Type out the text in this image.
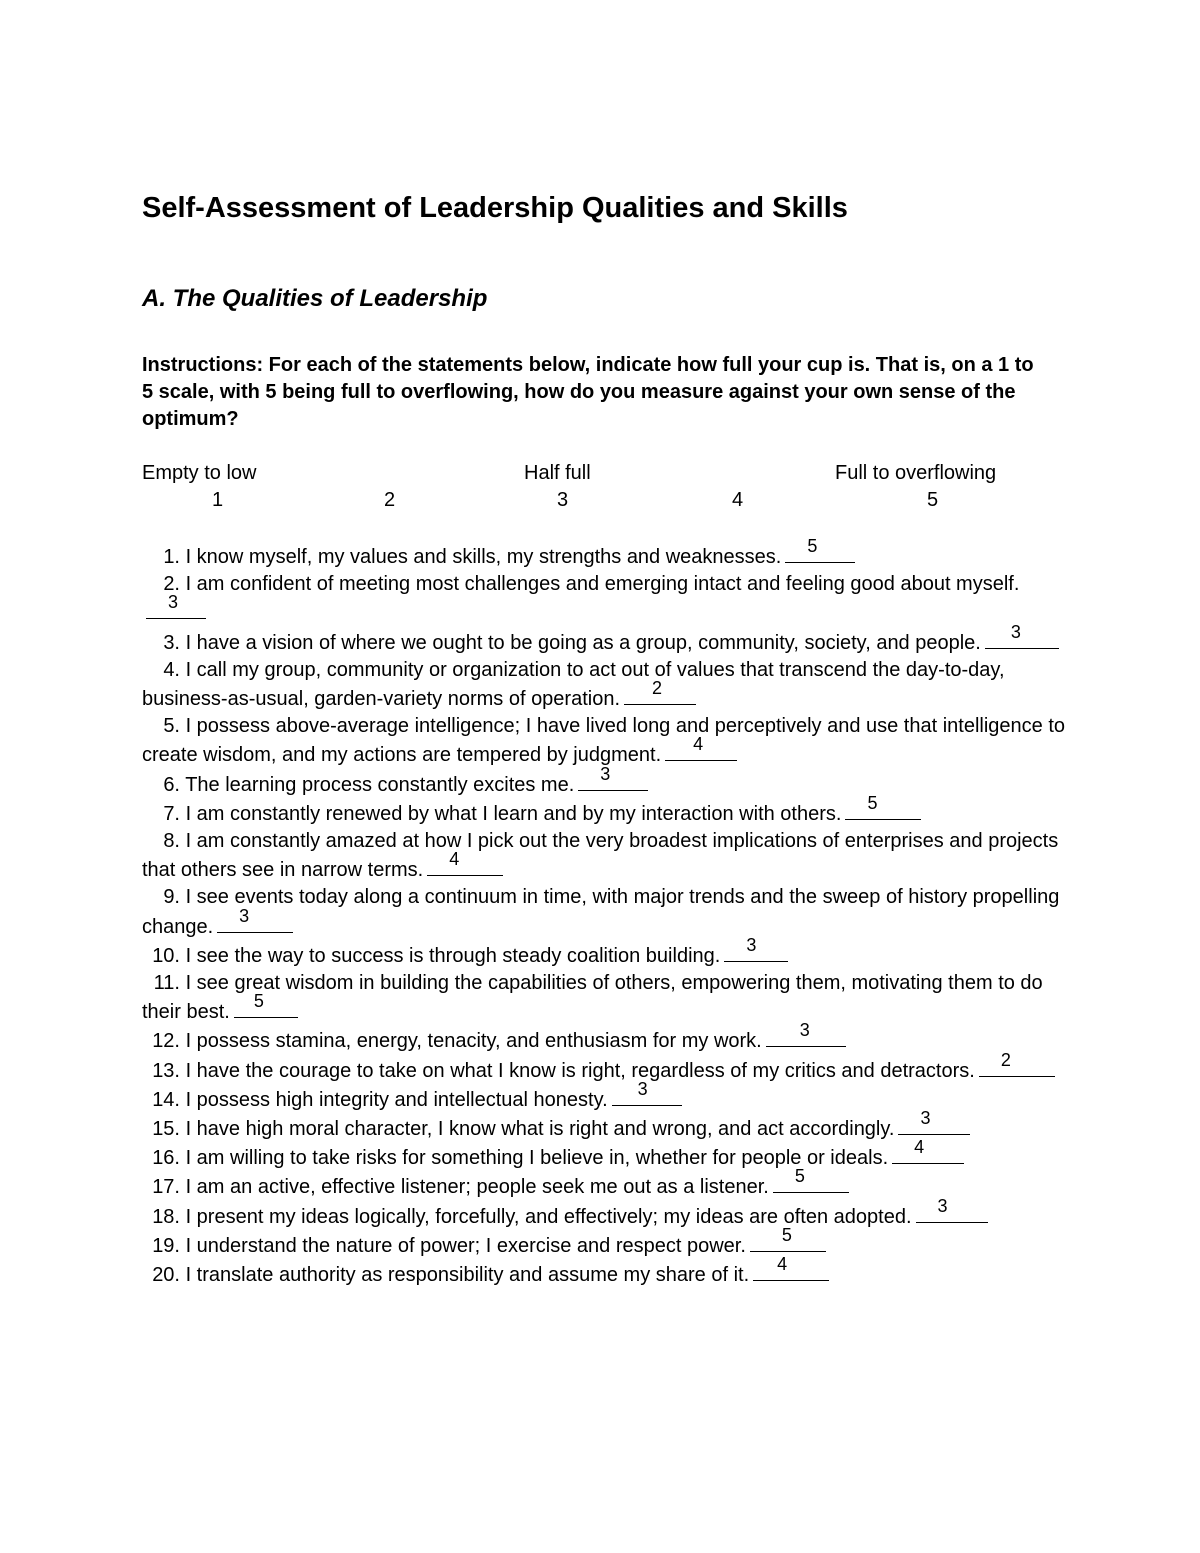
Self-Assessment of Leadership Qualities and Skills
A. The Qualities of Leadership

Instructions: For each of the statements below, indicate how full your cup is. That is, on a 1 to 5 scale, with 5 being full to overflowing, how do you measure against your own sense of the optimum?

Empty to low	Half full	Full to overflowing
1	2	3	4	5
1. I know myself, my values and skills, my strengths and weaknesses. 5
2. I am confident of meeting most challenges and emerging intact and feeling good about myself.
3
3. I have a vision of where we ought to be going as a group, community, society, and people. 3
4. I call my group, community or organization to act out of values that transcend the day-to-day, business-as-usual, garden-variety norms of operation. 2
5. I possess above-average intelligence; I have lived long and perceptively and use that intelligence to create wisdom, and my actions are tempered by judgment. 4
6. The learning process constantly excites me. 3
7. I am constantly renewed by what I learn and by my interaction with others. 5
8. I am constantly amazed at how I pick out the very broadest implications of enterprises and projects that others see in narrow terms. 4
9. I see events today along a continuum in time, with major trends and the sweep of history propelling change. 3
10. I see the way to success is through steady coalition building. 3
11. I see great wisdom in building the capabilities of others, empowering them, motivating them to do their best. 5
12. I possess stamina, energy, tenacity, and enthusiasm for my work. 3
13. I have the courage to take on what I know is right, regardless of my critics and detractors. 2
14. I possess high integrity and intellectual honesty. 3
15. I have high moral character, I know what is right and wrong, and act accordingly. 3
16. I am willing to take risks for something I believe in, whether for people or ideals. 4
17. I am an active, effective listener; people seek me out as a listener. 5
18. I present my ideas logically, forcefully, and effectively; my ideas are often adopted. 3
19. I understand the nature of power; I exercise and respect power. 5
20. I translate authority as responsibility and assume my share of it. 4
